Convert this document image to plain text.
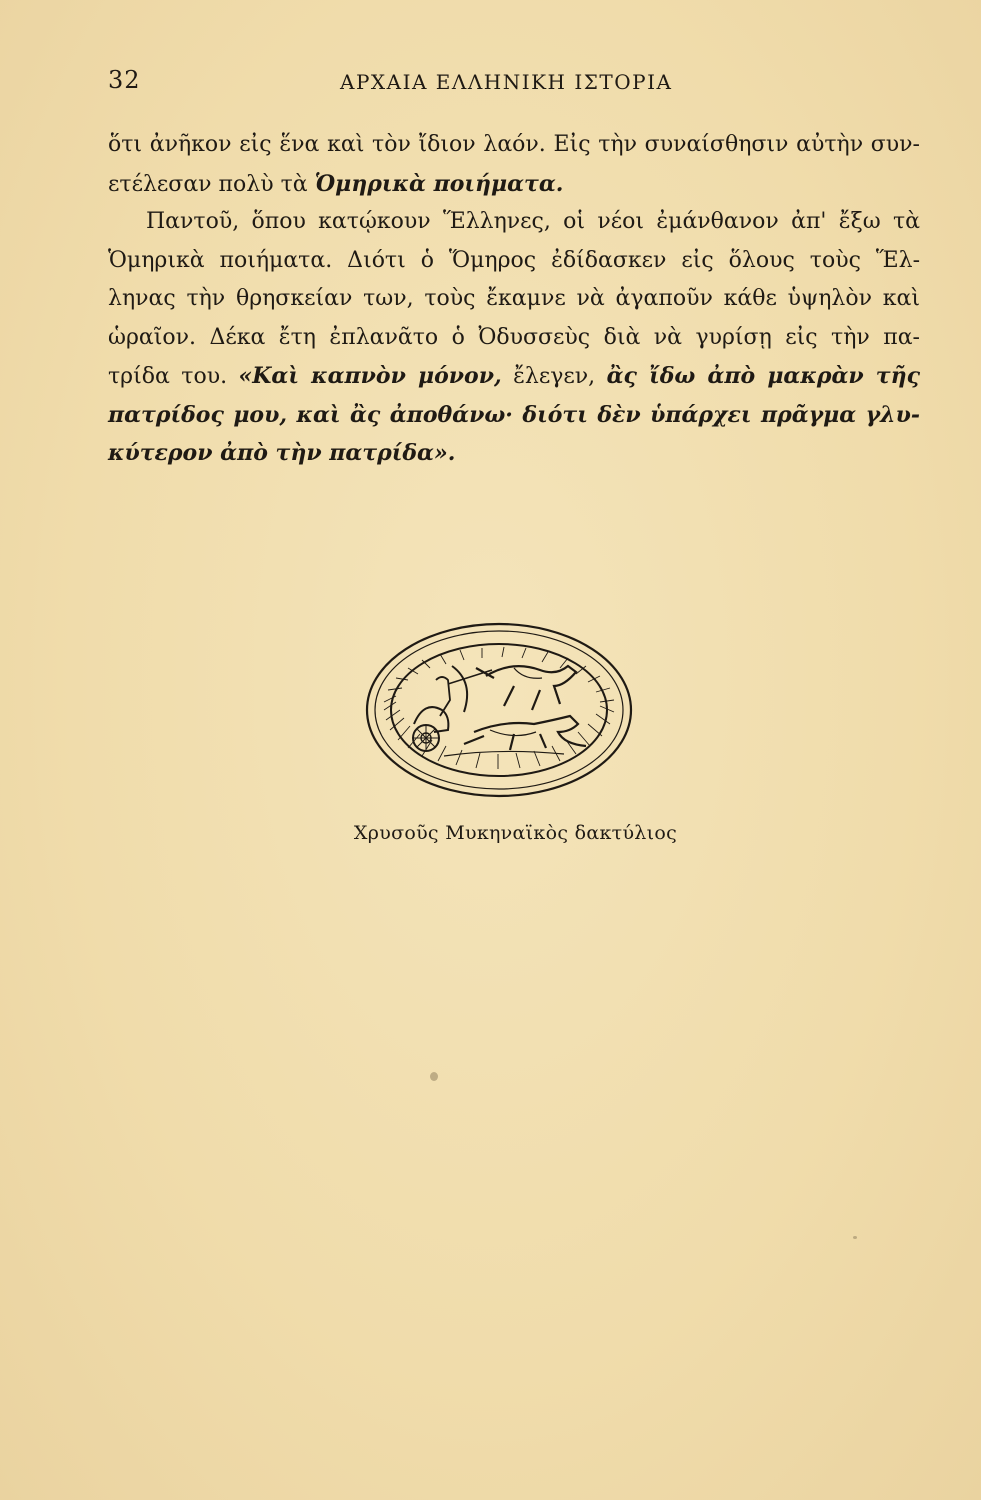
32	ΑΡΧΑΙΑ ΕΛΛΗΝΙΚΗ ΙΣΤΟΡΙΑ
ὅτι ἀνῆκον εἰς ἕνα καὶ τὸν ἴδιον λαόν. Εἰς τὴν συναίσθησιν αὐτὴν συν-
ετέλεσαν πολὺ τὰ Ὁμηρικὰ ποιήματα.
Παντοῦ, ὅπου κατῴκουν Ἕλληνες, οἱ νέοι ἐμάνθανον ἀπ' ἔξω τὰ
Ὁμηρικὰ ποιήματα. Διότι ὁ Ὅμηρος ἐδίδασκεν εἰς ὅλους τοὺς Ἕλ-
ληνας τὴν θρησκείαν των, τοὺς ἔκαμνε νὰ ἀγαποῦν κάθε ὑψηλὸν καὶ
ὡραῖον. Δέκα ἔτη ἐπλανᾶτο ὁ Ὀδυσσεὺς διὰ νὰ γυρίσῃ εἰς τὴν πα-
τρίδα του. «Καὶ καπνὸν μόνον, ἔλεγεν, ἂς ἴδω ἀπὸ μακρὰν τῆς
πατρίδος μου, καὶ ἂς ἀποθάνω· διότι δὲν ὑπάρχει πρᾶγμα γλυ-
κύτερον ἀπὸ τὴν πατρίδα».
Χρυσοῦς Μυκηναϊκὸς δακτύλιος
